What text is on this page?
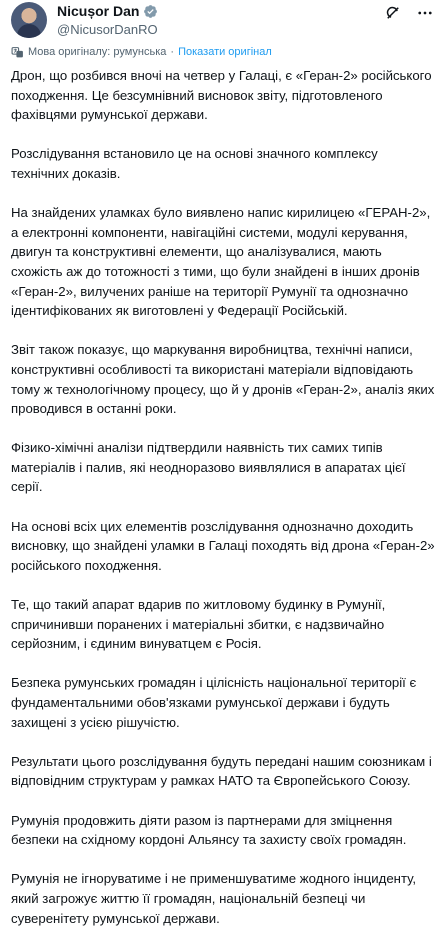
Nicușor Dan
@NicusorDanRO
Мова оригіналу: румунська · Показати оригінал

Дрон, що розбився вночі на четвер у Галаці, є «Геран-2» російського походження. Це безсумнівний висновок звіту, підготовленого фахівцями румунської держави.

Розслідування встановило це на основі значного комплексу технічних доказів.

На знайдених уламках було виявлено напис кирилицею «ГЕРАН-2», а електронні компоненти, навігаційні системи, модулі керування, двигун та конструктивні елементи, що аналізувалися, мають схожість аж до тотожності з тими, що були знайдені в інших дронів «Геран-2», вилучених раніше на території Румунії та однозначно ідентифікованих як виготовлені у Федерації Російській.

Звіт також показує, що маркування виробництва, технічні написи, конструктивні особливості та використані матеріали відповідають тому ж технологічному процесу, що й у дронів «Геран-2», аналіз яких проводився в останні роки.

Фізико-хімічні аналізи підтвердили наявність тих самих типів матеріалів і палив, які неодноразово виявлялися в апаратах цієї серії.

На основі всіх цих елементів розслідування однозначно доходить висновку, що знайдені уламки в Галаці походять від дрона «Геран-2» російського походження.

Те, що такий апарат вдарив по житловому будинку в Румунії, спричинивши поранених і матеріальні збитки, є надзвичайно серйозним, і єдиним винуватцем є Росія.

Безпека румунських громадян і цілісність національної території є фундаментальними обов'язками румунської держави і будуть захищені з усією рішучістю.

Результати цього розслідування будуть передані нашим союзникам і відповідним структурам у рамках НАТО та Європейського Союзу.

Румунія продовжить діяти разом із партнерами для зміцнення безпеки на східному кордоні Альянсу та захисту своїх громадян.

Румунія не ігноруватиме і не применшуватиме жодного інциденту, який загрожує життю її громадян, національній безпеці чи суверенітету румунської держави.
